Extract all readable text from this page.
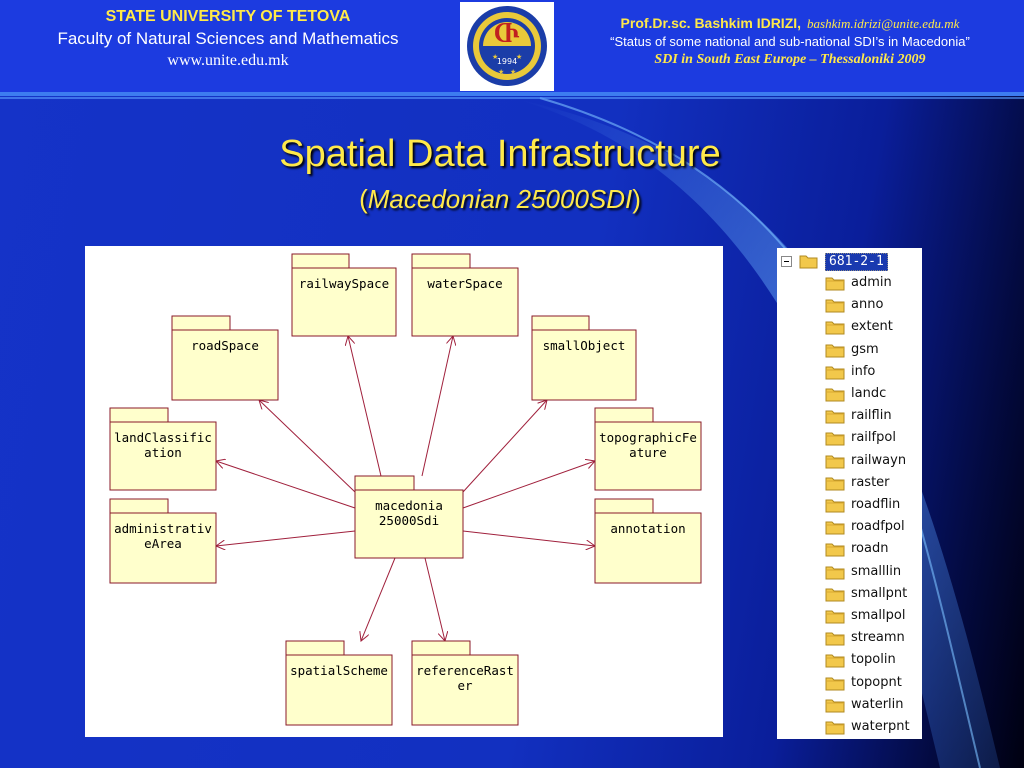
STATE UNIVERSITY OF TETOVA
Faculty of Natural Sciences and Mathematics
www.unite.edu.mk
Ⴇ
1994
★	★
★ ★
Prof.Dr.sc. Bashkim IDRIZI, bashkim.idrizi@unite.edu.mk
“Status of some national and sub-national SDI’s in Macedonia”
SDI in South East Europe – Thessaloniki 2009
Spatial Data Infrastructure
(Macedonian 25000SDI)
railwaySpace	waterSpace
roadSpace	smallObject
landClassific
ation
topographicFe
ature
administrativ
eArea
annotation
spatialScheme referenceRast
er
macedonia
25000Sdi
681-2-1
admin
anno
extent
gsm
info
landc
railflin
railfpol
railwayn
raster
roadflin
roadfpol
roadn
smalllin
smallpnt
smallpol
streamn
topolin
topopnt
waterlin
waterpnt
